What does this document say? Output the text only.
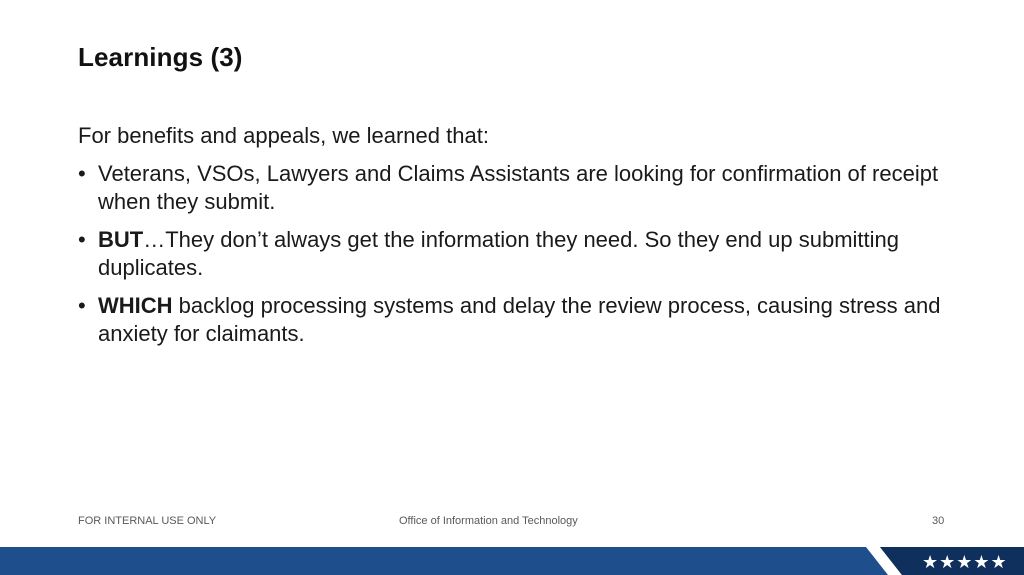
Learnings (3)

For benefits and appeals, we learned that:

• Veterans, VSOs, Lawyers and Claims Assistants are looking for confirmation of receipt when they submit.
• BUT…They don’t always get the information they need. So they end up submitting duplicates.
• WHICH backlog processing systems and delay the review process, causing stress and anxiety for claimants.
FOR INTERNAL USE ONLY	Office of Information and Technology	30
★★★★★
